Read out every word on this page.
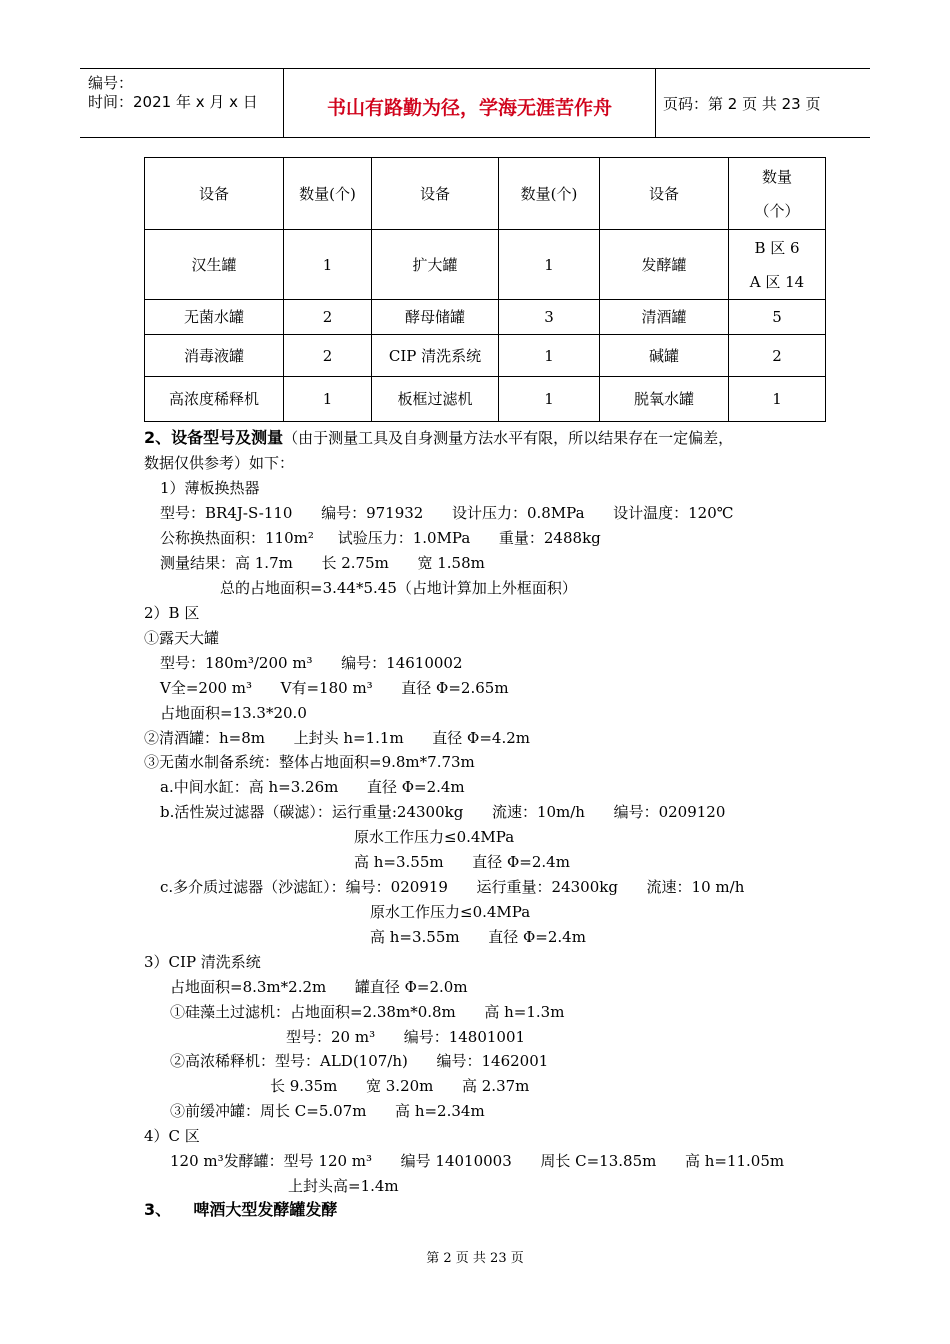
编号：
时间：2021 年 x 月 x 日	书山有路勤为径，学海无涯苦作舟	页码：第 2 页 共 23 页
设备	数量(个)	设备	数量(个)	设备	数量
（个）

汉生罐	1	扩大罐	1	发酵罐	B 区 6
A 区 14

无菌水罐	2	酵母储罐	3	清酒罐	5
消毒液罐	2	CIP 清洗系统	1	碱罐	2
高浓度稀释机	1	板框过滤机	1	脱氧水罐	1
2、设备型号及测量（由于测量工具及自身测量方法水平有限，所以结果存在一定偏差，
数据仅供参考）如下：
1）薄板换热器
型号：BR4J-S-110      编号：971932      设计压力：0.8MPa      设计温度：120℃
公称换热面积：110m²     试验压力：1.0MPa      重量：2488kg
测量结果：高 1.7m      长 2.75m      宽 1.58m
总的占地面积=3.44*5.45（占地计算加上外框面积）
2）B 区
①露天大罐
型号：180m³/200 m³      编号：14610002
V全=200 m³      V有=180 m³      直径 Φ=2.65m
占地面积=13.3*20.0
②清酒罐：h=8m      上封头 h=1.1m      直径 Φ=4.2m
③无菌水制备系统：整体占地面积=9.8m*7.73m
a.中间水缸：高 h=3.26m      直径 Φ=2.4m
b.活性炭过滤器（碳滤）：运行重量:24300kg      流速：10m/h      编号：0209120
原水工作压力≤0.4MPa
高 h=3.55m      直径 Φ=2.4m
c.多介质过滤器（沙滤缸）：编号：020919      运行重量：24300kg      流速：10 m/h
原水工作压力≤0.4MPa
高 h=3.55m      直径 Φ=2.4m
3）CIP 清洗系统
占地面积=8.3m*2.2m      罐直径 Φ=2.0m
①硅藻土过滤机：占地面积=2.38m*0.8m      高 h=1.3m
型号：20 m³      编号：14801001
②高浓稀释机：型号：ALD(107/h)      编号：1462001
长 9.35m      宽 3.20m      高 2.37m
③前缓冲罐：周长 C=5.07m      高 h=2.34m
4）C 区
120 m³发酵罐：型号 120 m³      编号 14010003      周长 C=13.85m      高 h=11.05m
上封头高=1.4m
3、    啤酒大型发酵罐发酵
第 2 页 共 23 页
